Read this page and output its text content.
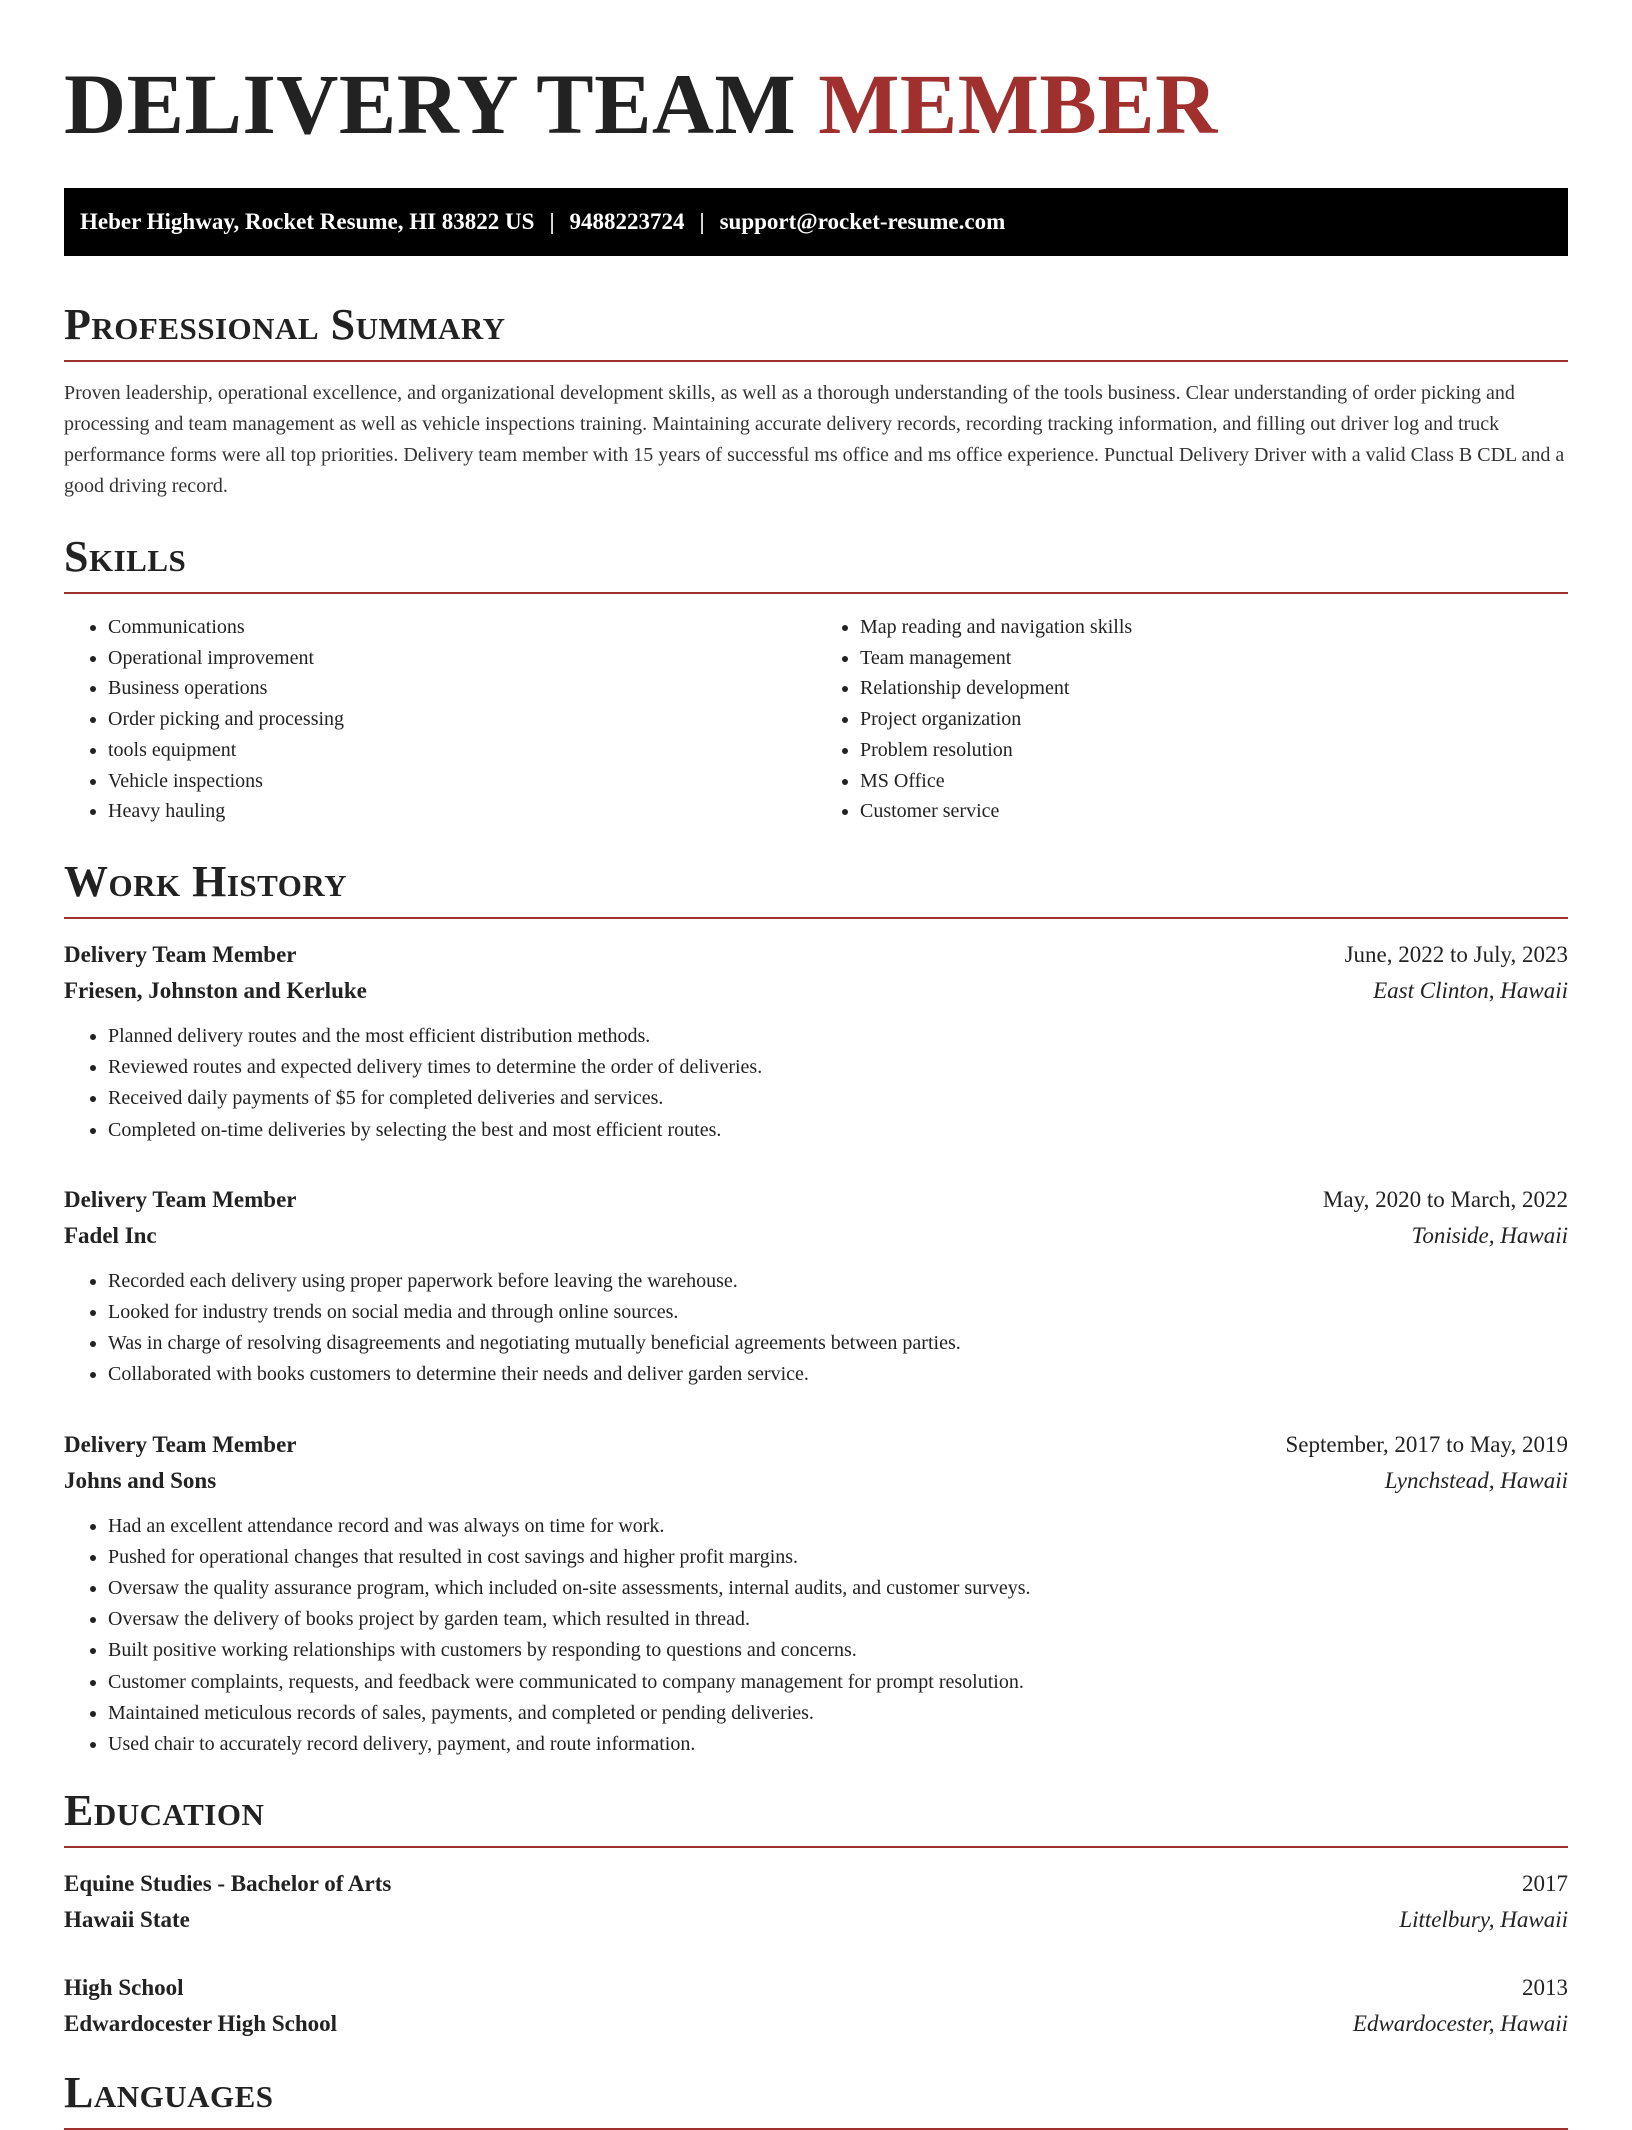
DELIVERY TEAM MEMBER
Heber Highway, Rocket Resume, HI 83822 US | 9488223724 | support@rocket-resume.com
Professional Summary

Proven leadership, operational excellence, and organizational development skills, as well as a thorough understanding of the tools business. Clear understanding of order picking and processing and team management as well as vehicle inspections training. Maintaining accurate delivery records, recording tracking information, and filling out driver log and truck performance forms were all top priorities. Delivery team member with 15 years of successful ms office and ms office experience. Punctual Delivery Driver with a valid Class B CDL and a good driving record.

Skills
• Communications
• Operational improvement
• Business operations
• Order picking and processing
• tools equipment
• Vehicle inspections
• Heavy hauling
• Map reading and navigation skills
• Team management
• Relationship development
• Project organization
• Problem resolution
• MS Office
• Customer service
Work History
Delivery Team Member	June, 2022 to July, 2023
Friesen, Johnston and Kerluke	East Clinton, Hawaii
• Planned delivery routes and the most efficient distribution methods.
• Reviewed routes and expected delivery times to determine the order of deliveries.
• Received daily payments of $5 for completed deliveries and services.
• Completed on-time deliveries by selecting the best and most efficient routes.
Delivery Team Member	May, 2020 to March, 2022
Fadel Inc	Toniside, Hawaii
• Recorded each delivery using proper paperwork before leaving the warehouse.
• Looked for industry trends on social media and through online sources.
• Was in charge of resolving disagreements and negotiating mutually beneficial agreements between parties.
• Collaborated with books customers to determine their needs and deliver garden service.
Delivery Team Member	September, 2017 to May, 2019
Johns and Sons	Lynchstead, Hawaii
• Had an excellent attendance record and was always on time for work.
• Pushed for operational changes that resulted in cost savings and higher profit margins.
• Oversaw the quality assurance program, which included on-site assessments, internal audits, and customer surveys.
• Oversaw the delivery of books project by garden team, which resulted in thread.
• Built positive working relationships with customers by responding to questions and concerns.
• Customer complaints, requests, and feedback were communicated to company management for prompt resolution.
• Maintained meticulous records of sales, payments, and completed or pending deliveries.
• Used chair to accurately record delivery, payment, and route information.
Education
Equine Studies - Bachelor of Arts	2017
Hawaii State	Littelbury, Hawaii
High School	2013
Edwardocester High School	Edwardocester, Hawaii
Languages
